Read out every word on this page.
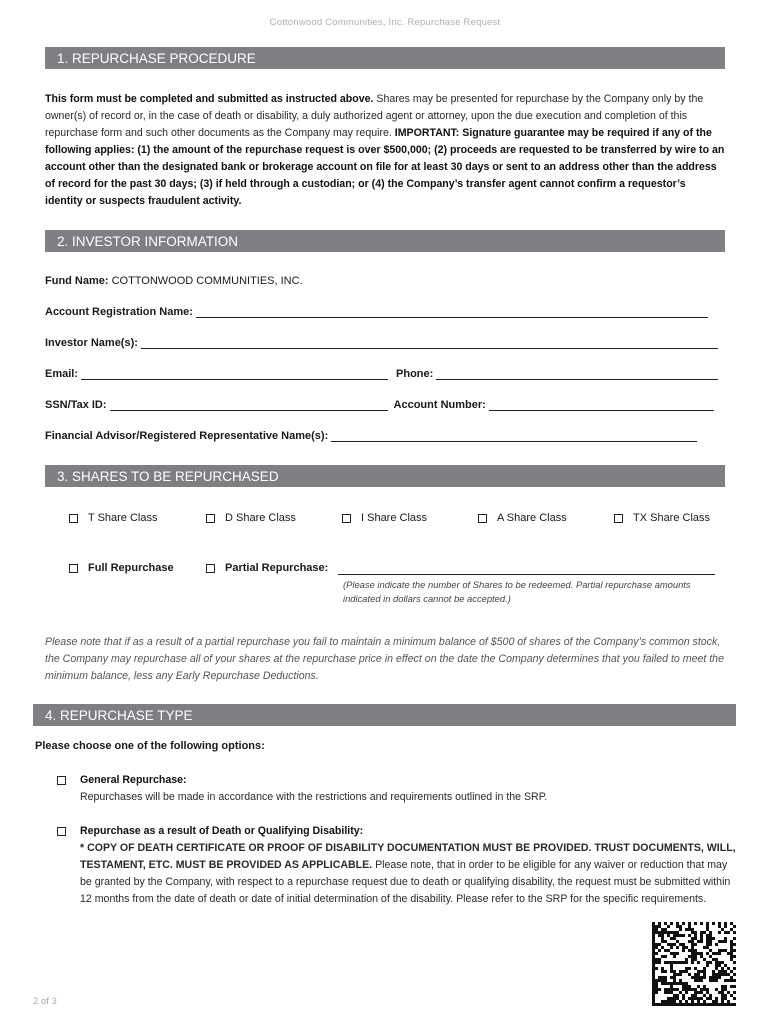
Cottonwood Communities, Inc. Repurchase Request
1. REPURCHASE PROCEDURE
This form must be completed and submitted as instructed above. Shares may be presented for repurchase by the Company only by the owner(s) of record or, in the case of death or disability, a duly authorized agent or attorney, upon the due execution and completion of this repurchase form and such other documents as the Company may require. IMPORTANT: Signature guarantee may be required if any of the following applies: (1) the amount of the repurchase request is over $500,000; (2) proceeds are requested to be transferred by wire to an account other than the designated bank or brokerage account on file for at least 30 days or sent to an address other than the address of record for the past 30 days; (3) if held through a custodian; or (4) the Company’s transfer agent cannot confirm a requestor’s identity or suspects fraudulent activity.
2. INVESTOR INFORMATION
Fund Name: COTTONWOOD COMMUNITIES, INC.
Account Registration Name:
Investor Name(s):
Email:	Phone:
SSN/Tax ID:	Account Number:
Financial Advisor/Registered Representative Name(s):
3. SHARES TO BE REPURCHASED
T Share Class	D Share Class	I Share Class	A Share Class	TX Share Class
Full Repurchase	Partial Repurchase:
(Please indicate the number of Shares to be redeemed. Partial repurchase amounts
indicated in dollars cannot be accepted.)
Please note that if as a result of a partial repurchase you fail to maintain a minimum balance of $500 of shares of the Company’s common stock, the Company may repurchase all of your shares at the repurchase price in effect on the date the Company determines that you failed to meet the minimum balance, less any Early Repurchase Deductions.
4. REPURCHASE TYPE
Please choose one of the following options:
General Repurchase:
Repurchases will be made in accordance with the restrictions and requirements outlined in the SRP.
Repurchase as a result of Death or Qualifying Disability:
* COPY OF DEATH CERTIFICATE OR PROOF OF DISABILITY DOCUMENTATION MUST BE PROVIDED. TRUST DOCUMENTS, WILL, TESTAMENT, ETC. MUST BE PROVIDED AS APPLICABLE. Please note, that in order to be eligible for any waiver or reduction that may be granted by the Company, with respect to a repurchase request due to death or qualifying disability, the request must be submitted within 12 months from the date of death or date of initial determination of the disability. Please refer to the SRP for the specific requirements.
2 of 3
